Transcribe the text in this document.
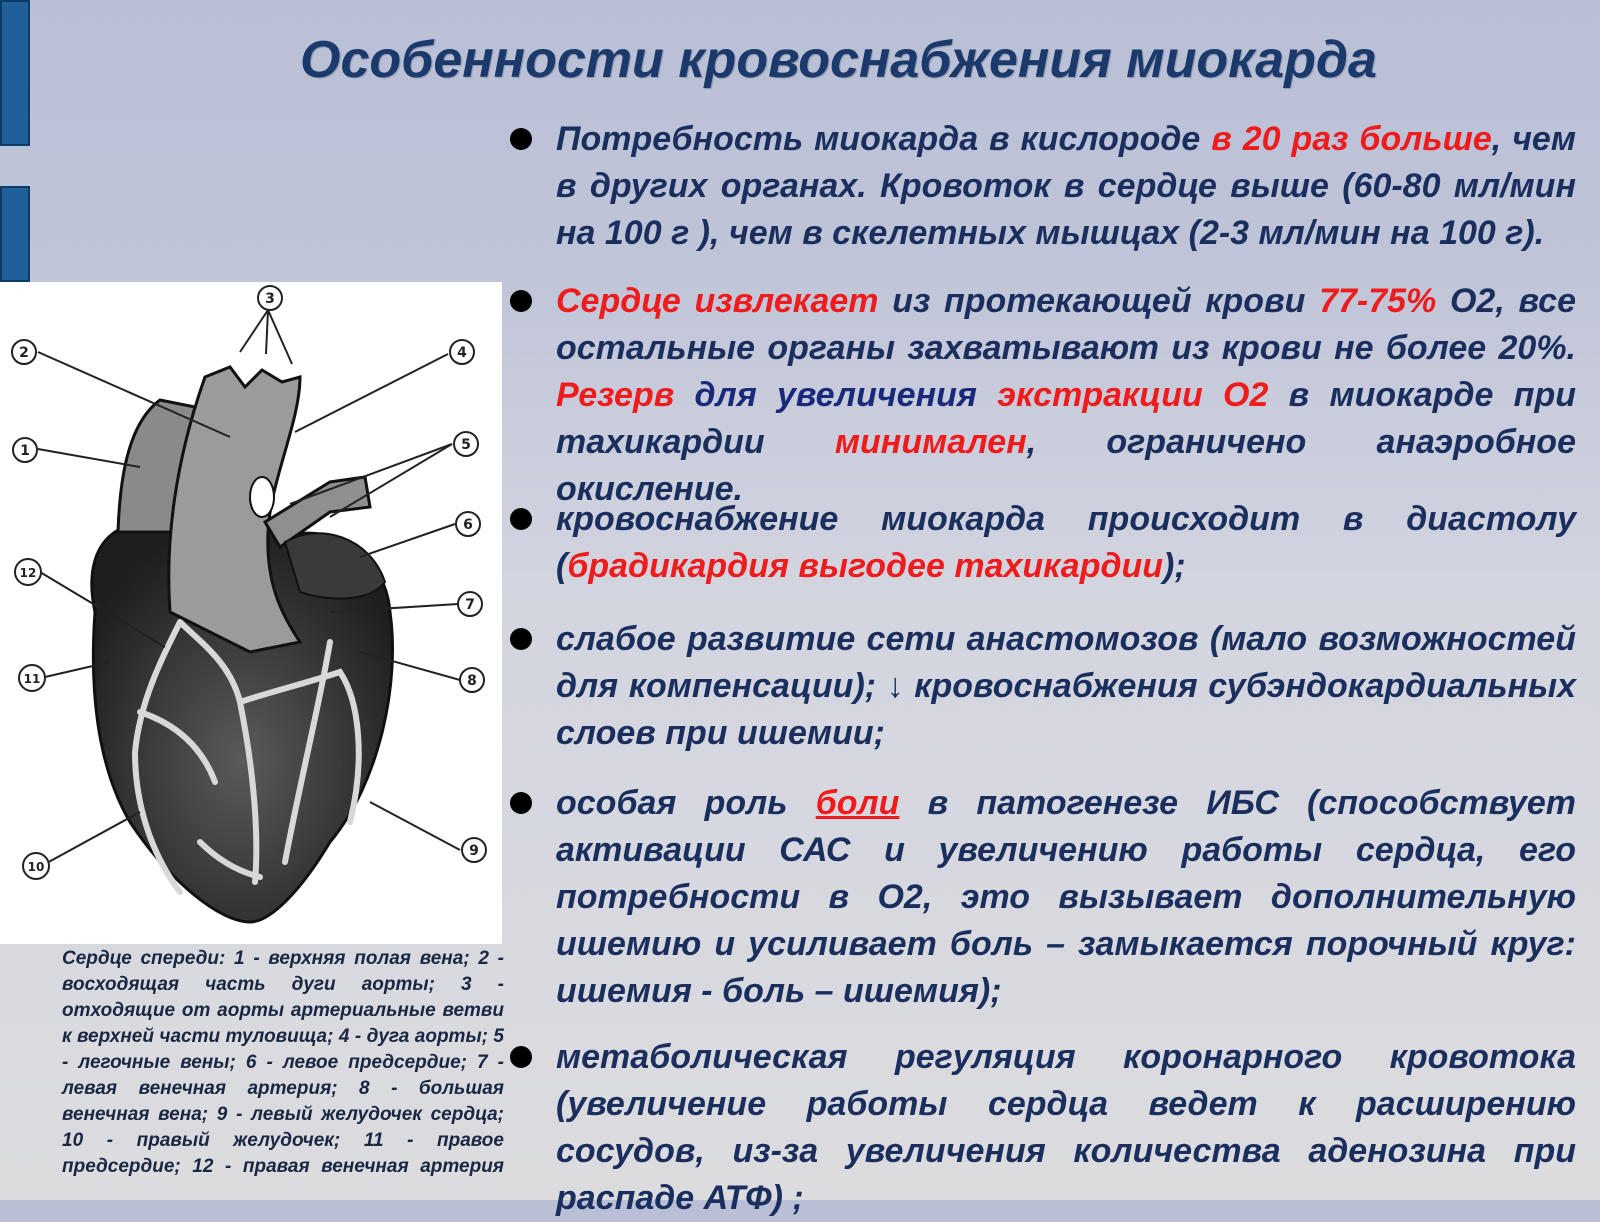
Особенности кровоснабжения миокарда
1
2
3
4
5
6
7
8
9
10
11
12

Сердце спереди: 1 - верхняя полая вена; 2 - восходящая часть дуги аорты; 3 - отходящие от аорты артериальные ветви к верхней части туловища; 4 - дуга аорты; 5 - легочные вены; 6 - левое предсердие; 7 - левая венечная артерия; 8 - большая венечная вена; 9 - левый желудочек сердца; 10 - правый желудочек; 11 - правое предсердие; 12 - правая венечная артерия

Потребность миокарда в кислороде в 20 раз больше, чем в других органах. Кровоток в сердце выше (60-80 мл/мин на 100 г ), чем в скелетных мышцах (2-3 мл/мин на 100 г).
Сердце извлекает из протекающей крови 77-75% О2, все остальные органы захватывают из крови не более 20%. Резерв для увеличения экстракции О2 в миокарде при тахикардии минимален, ограничено анаэробное окисление.
кровоснабжение миокарда происходит в диастолу (брадикардия выгодее тахикардии);
слабое развитие сети анастомозов (мало возможностей для компенсации); ↓ кровоснабжения субэндокардиальных слоев при ишемии;
особая роль боли в патогенезе ИБС (способствует активации САС и увеличению работы сердца, его потребности в О2, это вызывает дополнительную ишемию и усиливает боль – замыкается порочный круг: ишемия - боль – ишемия);
метаболическая регуляция коронарного кровотока (увеличение работы сердца ведет к расширению сосудов, из-за увеличения количества аденозина при распаде АТФ) ;
